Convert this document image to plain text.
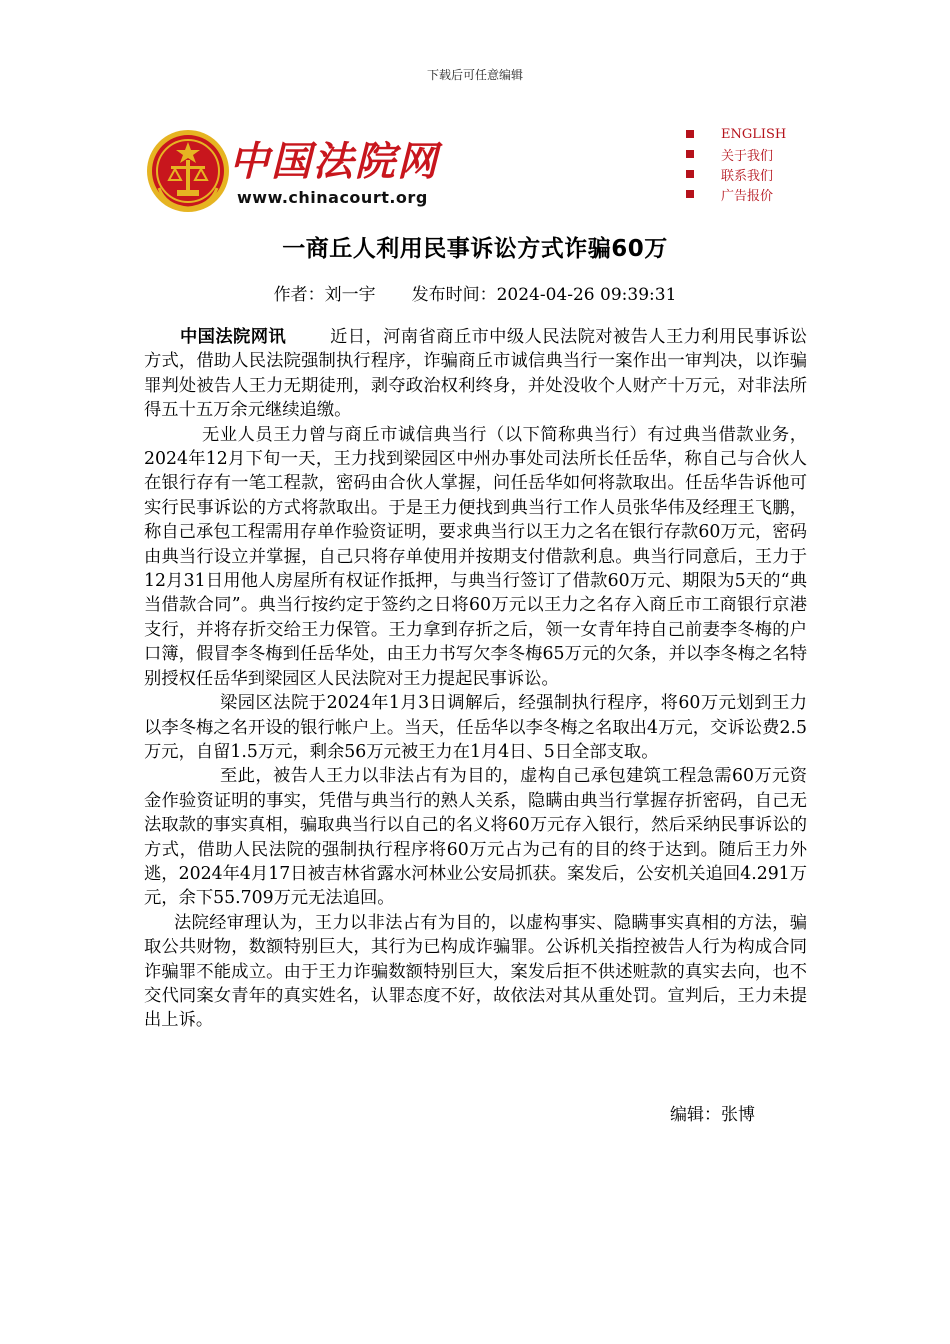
下载后可任意编辑
中国法院网
www.chinacourt.org
ENGLISH
关于我们
联系我们
广告报价
一商丘人利用民事诉讼方式诈骗60万
作者：刘一宇 发布时间：2024-04-26 09:39:31

中国法院网讯	近日，河南省商丘市中级人民法院对被告人王力利用民事诉讼方式，借助人民法院强制执行程序，诈骗商丘市诚信典当行一案作出一审判决，以诈骗罪判处被告人王力无期徒刑，剥夺政治权利终身，并处没收个人财产十万元，对非法所得五十五万余元继续追缴。

无业人员王力曾与商丘市诚信典当行（以下简称典当行）有过典当借款业务，2024年12月下旬一天，王力找到梁园区中州办事处司法所长任岳华，称自己与合伙人在银行存有一笔工程款，密码由合伙人掌握，问任岳华如何将款取出。任岳华告诉他可实行民事诉讼的方式将款取出。于是王力便找到典当行工作人员张华伟及经理王飞鹏，称自己承包工程需用存单作验资证明，要求典当行以王力之名在银行存款60万元，密码由典当行设立并掌握，自己只将存单使用并按期支付借款利息。典当行同意后，王力于12月31日用他人房屋所有权证作抵押，与典当行签订了借款60万元、期限为5天的“典当借款合同”。典当行按约定于签约之日将60万元以王力之名存入商丘市工商银行京港支行，并将存折交给王力保管。王力拿到存折之后，领一女青年持自己前妻李冬梅的户口簿，假冒李冬梅到任岳华处，由王力书写欠李冬梅65万元的欠条，并以李冬梅之名特别授权任岳华到梁园区人民法院对王力提起民事诉讼。

梁园区法院于2024年1月3日调解后，经强制执行程序，将60万元划到王力以李冬梅之名开设的银行帐户上。当天，任岳华以李冬梅之名取出4万元，交诉讼费2.5万元，自留1.5万元，剩余56万元被王力在1月4日、5日全部支取。

至此，被告人王力以非法占有为目的，虚构自己承包建筑工程急需60万元资金作验资证明的事实，凭借与典当行的熟人关系，隐瞒由典当行掌握存折密码，自己无法取款的事实真相，骗取典当行以自己的名义将60万元存入银行，然后采纳民事诉讼的方式，借助人民法院的强制执行程序将60万元占为己有的目的终于达到。随后王力外逃，2024年4月17日被吉林省露水河林业公安局抓获。案发后，公安机关追回4.291万元，余下55.709万元无法追回。

法院经审理认为，王力以非法占有为目的，以虚构事实、隐瞒事实真相的方法，骗取公共财物，数额特别巨大，其行为已构成诈骗罪。公诉机关指控被告人行为构成合同诈骗罪不能成立。由于王力诈骗数额特别巨大，案发后拒不供述赃款的真实去向，也不交代同案女青年的真实姓名，认罪态度不好，故依法对其从重处罚。宣判后，王力未提出上诉。

编辑：张博
